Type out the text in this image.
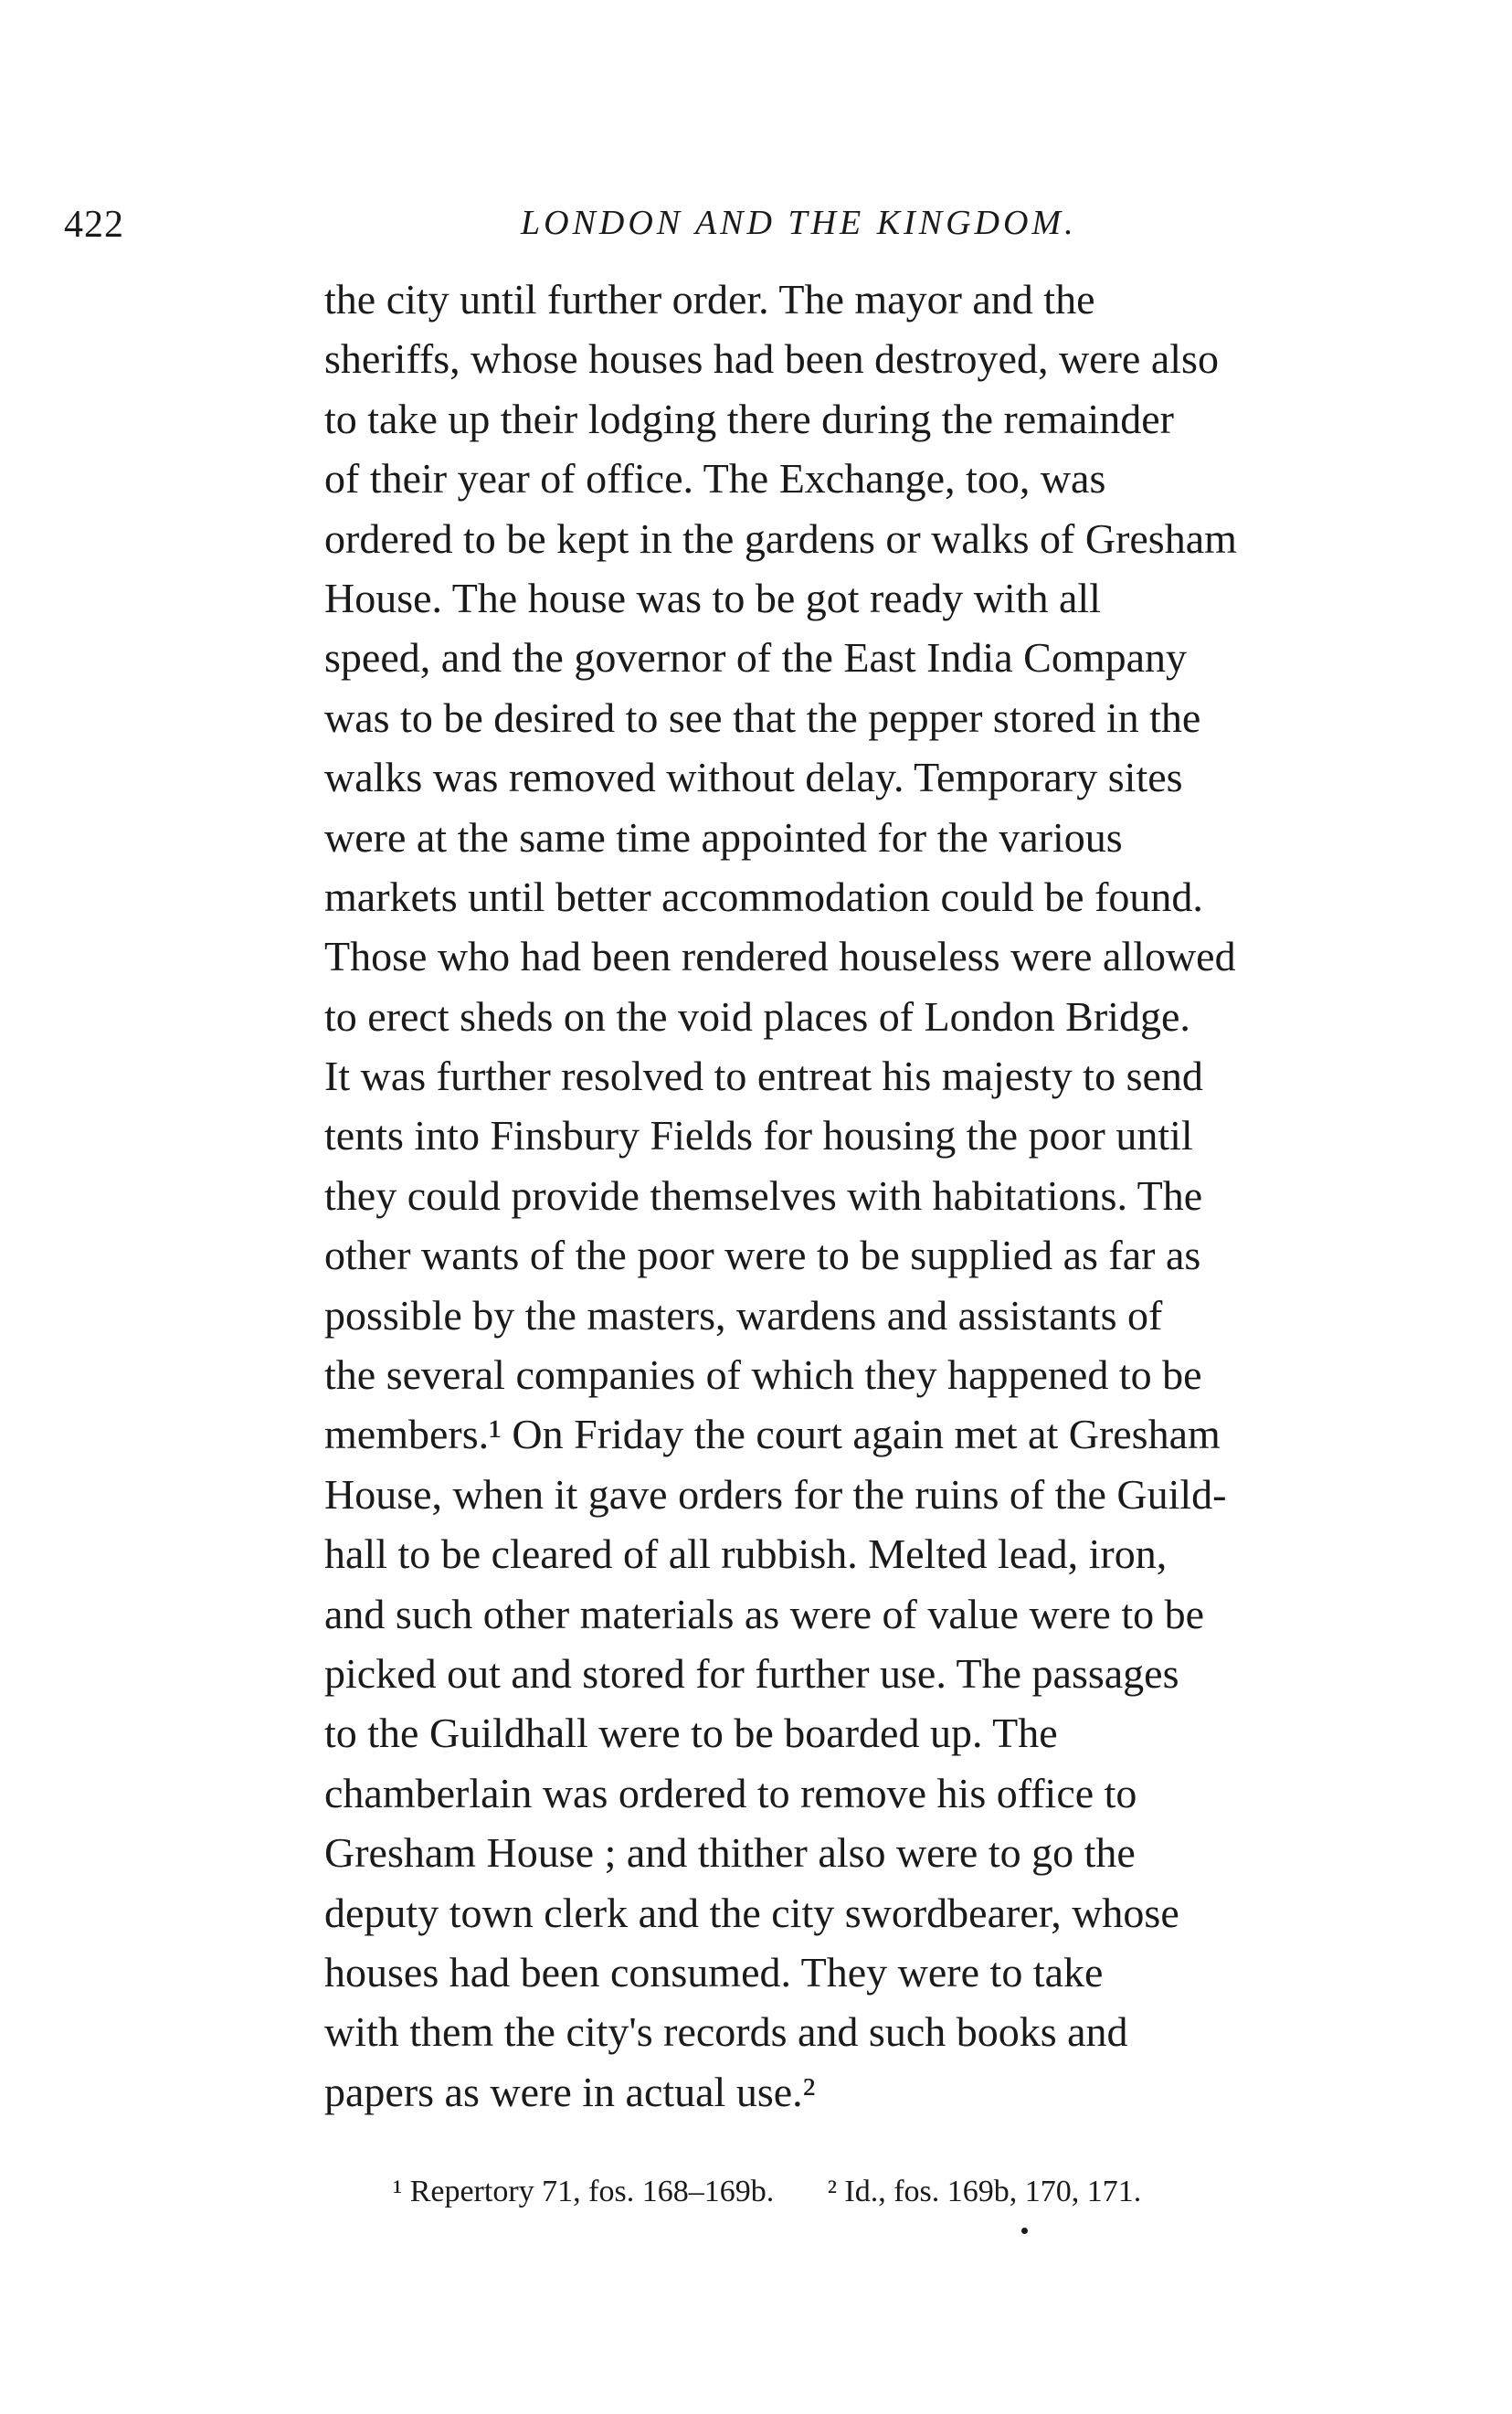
422	LONDON AND THE KINGDOM.
the city until further order. The mayor and the
sheriffs, whose houses had been destroyed, were also
to take up their lodging there during the remainder
of their year of office. The Exchange, too, was
ordered to be kept in the gardens or walks of Gresham
House. The house was to be got ready with all
speed, and the governor of the East India Company
was to be desired to see that the pepper stored in the
walks was removed without delay. Temporary sites
were at the same time appointed for the various
markets until better accommodation could be found.
Those who had been rendered houseless were allowed
to erect sheds on the void places of London Bridge.
It was further resolved to entreat his majesty to send
tents into Finsbury Fields for housing the poor until
they could provide themselves with habitations. The
other wants of the poor were to be supplied as far as
possible by the masters, wardens and assistants of
the several companies of which they happened to be
members.¹ On Friday the court again met at Gresham
House, when it gave orders for the ruins of the Guild-
hall to be cleared of all rubbish. Melted lead, iron,
and such other materials as were of value were to be
picked out and stored for further use. The passages
to the Guildhall were to be boarded up. The
chamberlain was ordered to remove his office to
Gresham House ; and thither also were to go the
deputy town clerk and the city swordbearer, whose
houses had been consumed. They were to take
with them the city's records and such books and
papers as were in actual use.²
¹ Repertory 71, fos. 168–169b. ² Id., fos. 169b, 170, 171.
